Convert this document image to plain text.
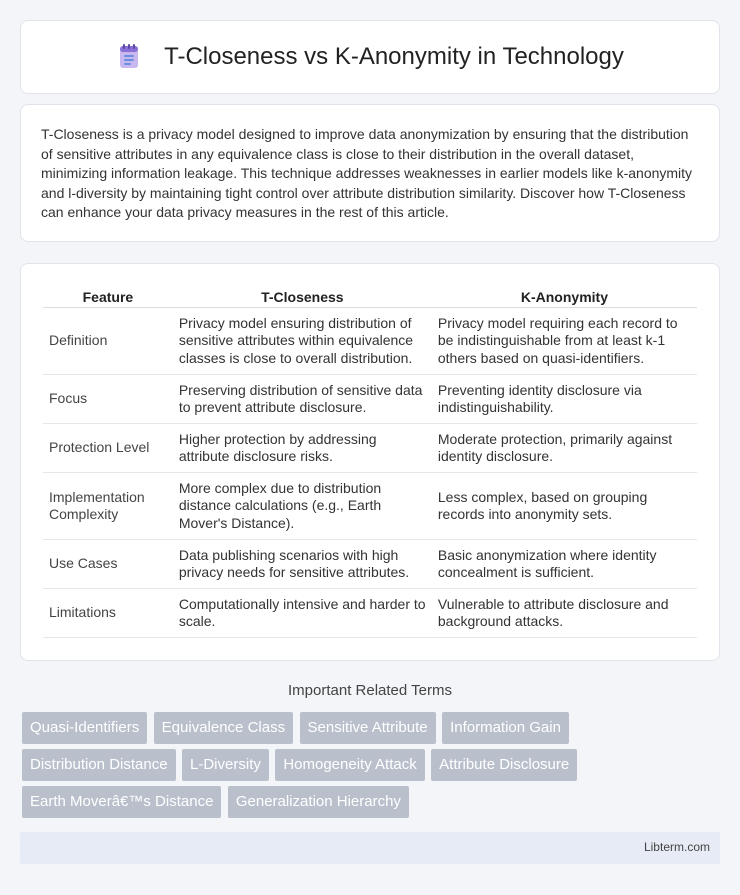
T-Closeness vs K-Anonymity in Technology

T-Closeness is a privacy model designed to improve data anonymization by ensuring that the distribution of sensitive attributes in any equivalence class is close to their distribution in the overall dataset, minimizing information leakage. This technique addresses weaknesses in earlier models like k-anonymity and l-diversity by maintaining tight control over attribute distribution similarity. Discover how T-Closeness can enhance your data privacy measures in the rest of this article.

Feature	T-Closeness	K-Anonymity
Definition	Privacy model ensuring distribution of sensitive attributes within equivalence classes is close to overall distribution.	Privacy model requiring each record to be indistinguishable from at least k-1 others based on quasi-identifiers.
Focus	Preserving distribution of sensitive data to prevent attribute disclosure.	Preventing identity disclosure via indistinguishability.
Protection Level	Higher protection by addressing attribute disclosure risks.	Moderate protection, primarily against identity disclosure.
Implementation Complexity	More complex due to distribution distance calculations (e.g., Earth Mover's Distance).	Less complex, based on grouping records into anonymity sets.
Use Cases	Data publishing scenarios with high privacy needs for sensitive attributes.	Basic anonymization where identity concealment is sufficient.
Limitations	Computationally intensive and harder to scale.	Vulnerable to attribute disclosure and background attacks.
Important Related Terms
Quasi-Identifiers Equivalence Class Sensitive Attribute Information Gain
Distribution Distance L-Diversity Homogeneity Attack Attribute Disclosure
Earth Moverâ€™s Distance Generalization Hierarchy
Libterm.com
